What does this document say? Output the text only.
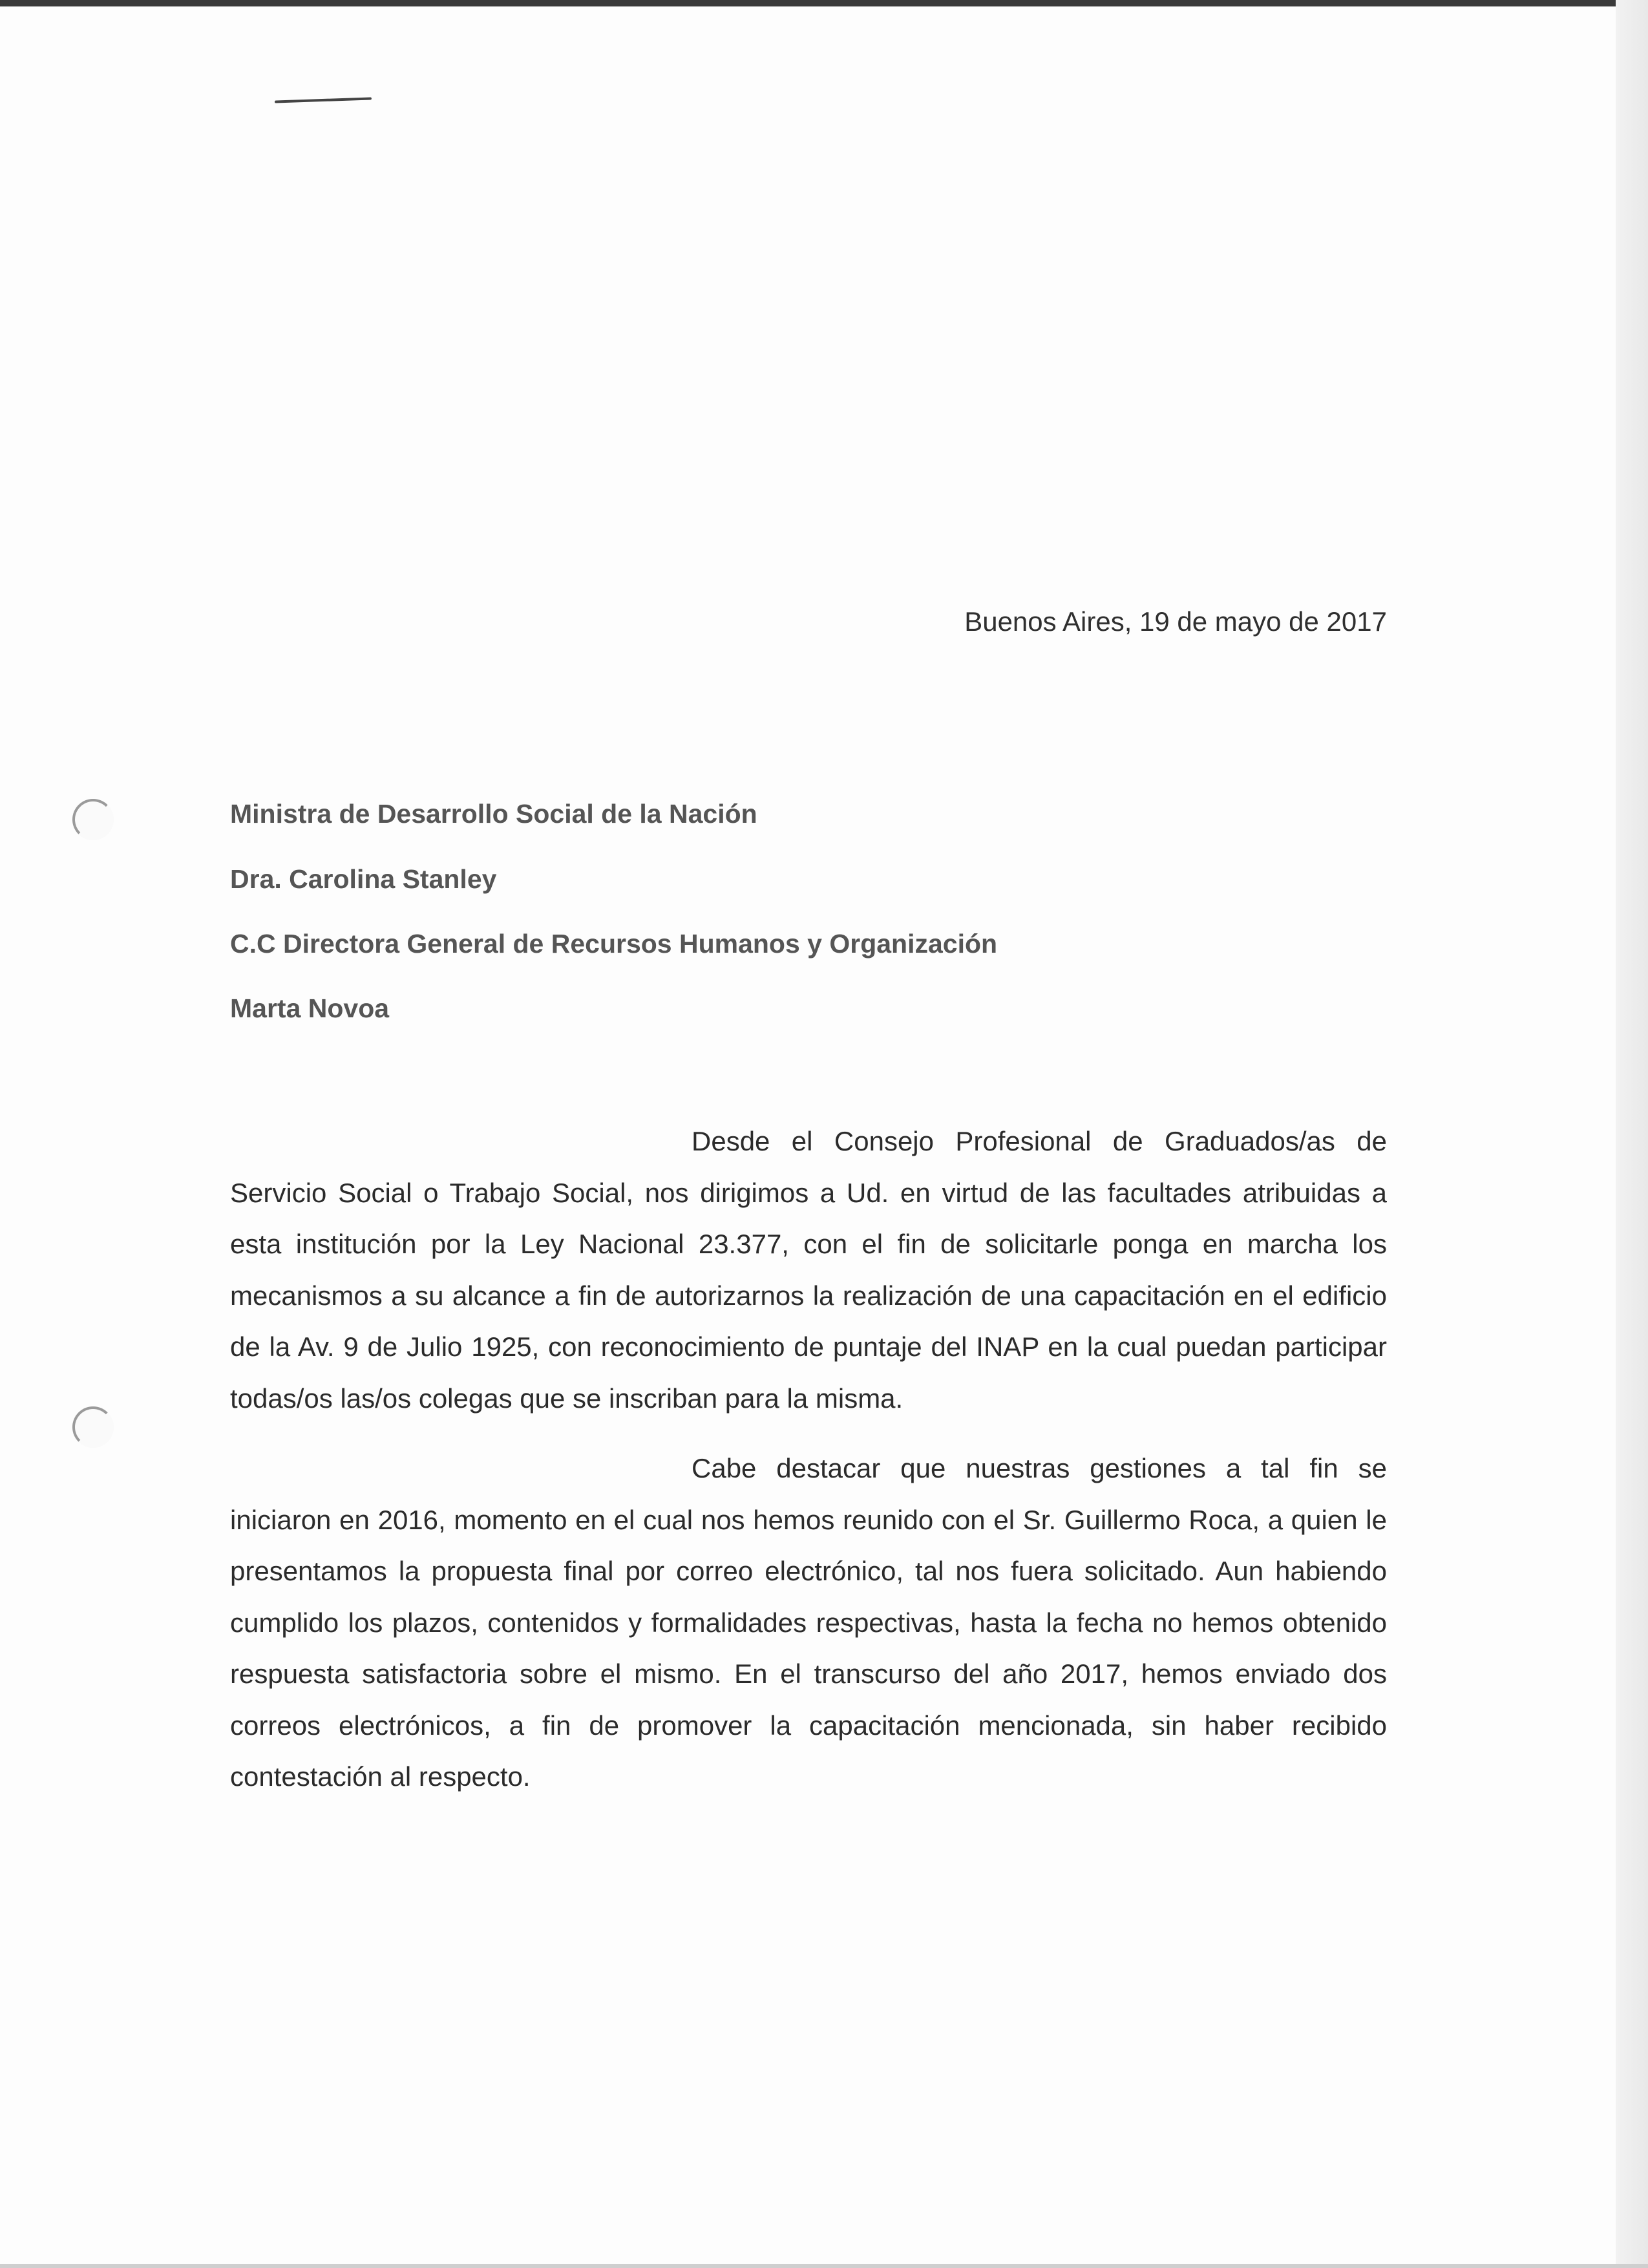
Buenos Aires, 19 de mayo de 2017
Ministra de Desarrollo Social de la Nación
Dra. Carolina Stanley
C.C Directora General de Recursos Humanos y Organización
Marta Novoa

Desde el Consejo Profesional de Graduados/as de Servicio Social o Trabajo Social, nos dirigimos a Ud. en virtud de las facultades atribuidas a esta institución por la Ley Nacional 23.377, con el fin de solicitarle ponga en marcha los mecanismos a su alcance a fin de autorizarnos la realización de una capacitación en el edificio de la Av. 9 de Julio 1925, con reconocimiento de puntaje del INAP en la cual puedan participar todas/os las/os colegas que se inscriban para la misma.

Cabe destacar que nuestras gestiones a tal fin se iniciaron en 2016, momento en el cual nos hemos reunido con el Sr. Guillermo Roca, a quien le presentamos la propuesta final por correo electrónico, tal nos fuera solicitado. Aun habiendo cumplido los plazos, contenidos y formalidades respectivas, hasta la fecha no hemos obtenido respuesta satisfactoria sobre el mismo. En el transcurso del año 2017, hemos enviado dos correos electrónicos, a fin de promover la capacitación mencionada, sin haber recibido contestación al respecto.
